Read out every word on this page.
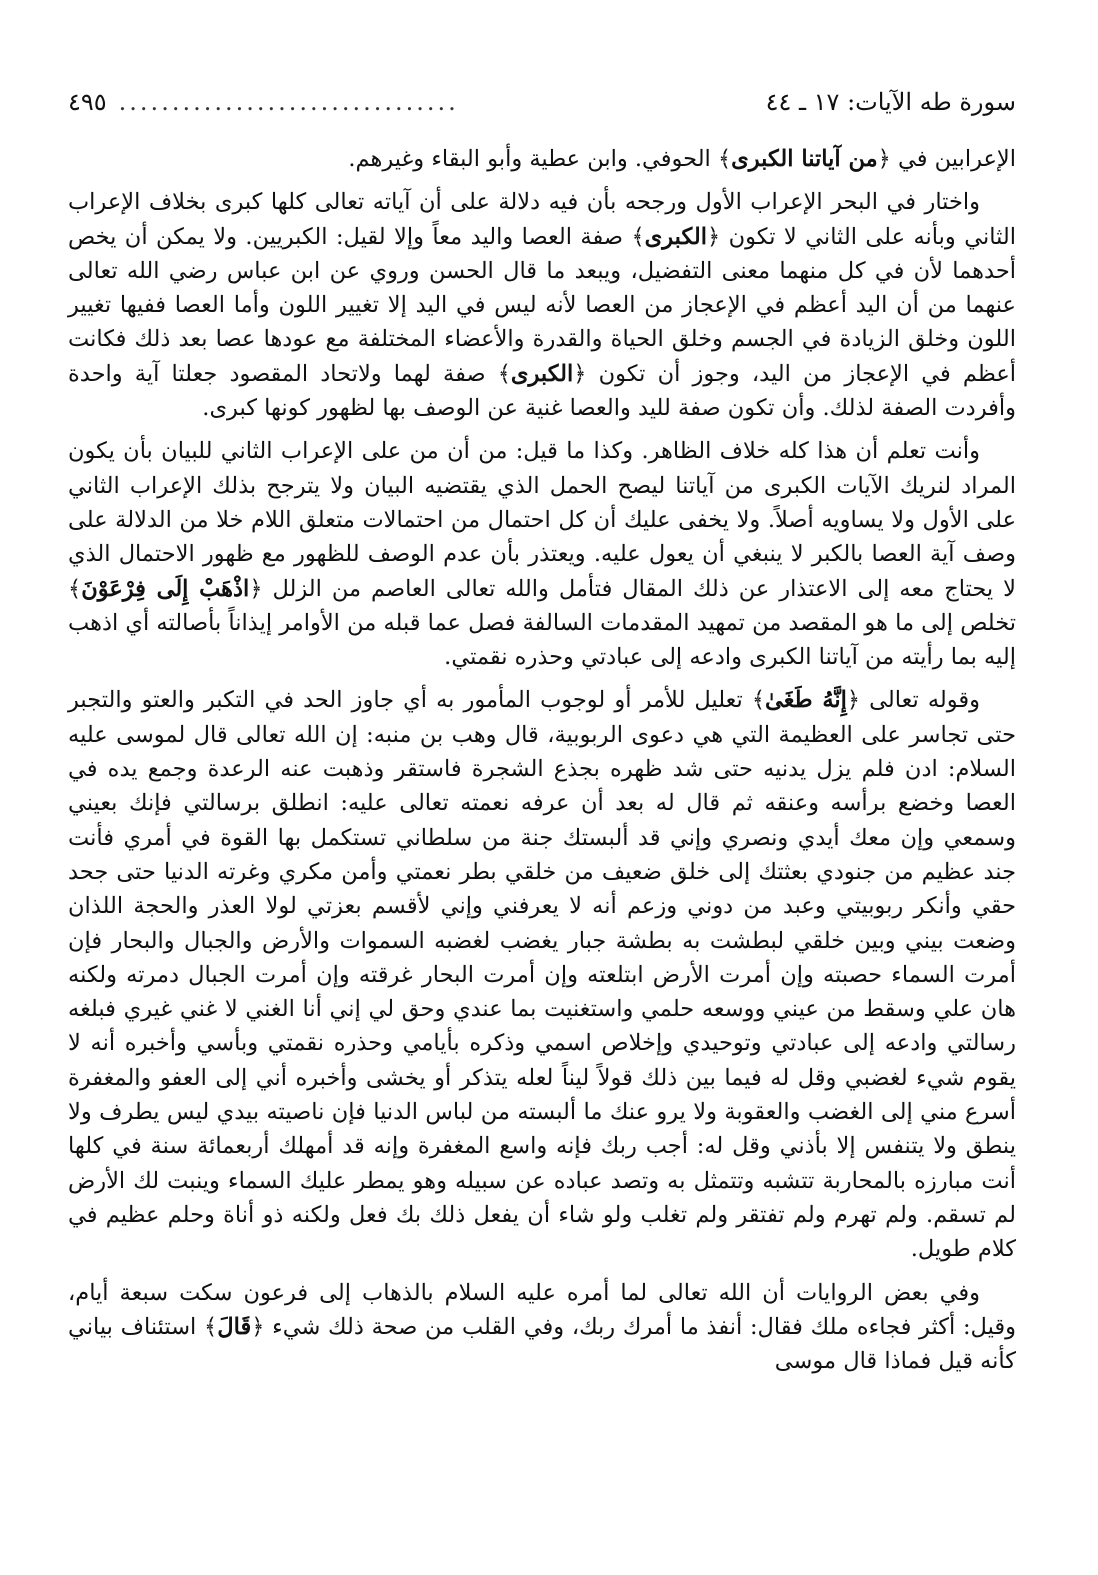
سورة طه الآيات: ١٧ ـ ٤٤
................................
٤٩٥

الإعرابين في ﴿من آياتنا الكبرى﴾ الحوفي. وابن عطية وأبو البقاء وغيرهم.

واختار في البحر الإعراب الأول ورجحه بأن فيه دلالة على أن آياته تعالى كلها كبرى بخلاف الإعراب الثاني وبأنه على الثاني لا تكون ﴿الكبرى﴾ صفة العصا واليد معاً وإلا لقيل: الكبريين. ولا يمكن أن يخص أحدهما لأن في كل منهما معنى التفضيل، ويبعد ما قال الحسن وروي عن ابن عباس رضي الله تعالى عنهما من أن اليد أعظم في الإعجاز من العصا لأنه ليس في اليد إلا تغيير اللون وأما العصا ففيها تغيير اللون وخلق الزيادة في الجسم وخلق الحياة والقدرة والأعضاء المختلفة مع عودها عصا بعد ذلك فكانت أعظم في الإعجاز من اليد، وجوز أن تكون ﴿الكبرى﴾ صفة لهما ولاتحاد المقصود جعلتا آية واحدة وأفردت الصفة لذلك. وأن تكون صفة لليد والعصا غنية عن الوصف بها لظهور كونها كبرى.

وأنت تعلم أن هذا كله خلاف الظاهر. وكذا ما قيل: من أن من على الإعراب الثاني للبيان بأن يكون المراد لنريك الآيات الكبرى من آياتنا ليصح الحمل الذي يقتضيه البيان ولا يترجح بذلك الإعراب الثاني على الأول ولا يساويه أصلاً. ولا يخفى عليك أن كل احتمال من احتمالات متعلق اللام خلا من الدلالة على وصف آية العصا بالكبر لا ينبغي أن يعول عليه. ويعتذر بأن عدم الوصف للظهور مع ظهور الاحتمال الذي لا يحتاج معه إلى الاعتذار عن ذلك المقال فتأمل والله تعالى العاصم من الزلل ﴿اذْهَبْ إِلَى فِرْعَوْنَ﴾ تخلص إلى ما هو المقصد من تمهيد المقدمات السالفة فصل عما قبله من الأوامر إيذاناً بأصالته أي اذهب إليه بما رأيته من آياتنا الكبرى وادعه إلى عبادتي وحذره نقمتي.

وقوله تعالى ﴿إِنَّهُ طَغَىٰ﴾ تعليل للأمر أو لوجوب المأمور به أي جاوز الحد في التكبر والعتو والتجبر حتى تجاسر على العظيمة التي هي دعوى الربوبية، قال وهب بن منبه: إن الله تعالى قال لموسى عليه السلام: ادن فلم يزل يدنيه حتى شد ظهره بجذع الشجرة فاستقر وذهبت عنه الرعدة وجمع يده في العصا وخضع برأسه وعنقه ثم قال له بعد أن عرفه نعمته تعالى عليه: انطلق برسالتي فإنك بعيني وسمعي وإن معك أيدي ونصري وإني قد ألبستك جنة من سلطاني تستكمل بها القوة في أمري فأنت جند عظيم من جنودي بعثتك إلى خلق ضعيف من خلقي بطر نعمتي وأمن مكري وغرته الدنيا حتى جحد حقي وأنكر ربوبيتي وعبد من دوني وزعم أنه لا يعرفني وإني لأقسم بعزتي لولا العذر والحجة اللذان وضعت بيني وبين خلقي لبطشت به بطشة جبار يغضب لغضبه السموات والأرض والجبال والبحار فإن أمرت السماء حصبته وإن أمرت الأرض ابتلعته وإن أمرت البحار غرقته وإن أمرت الجبال دمرته ولكنه هان علي وسقط من عيني ووسعه حلمي واستغنيت بما عندي وحق لي إني أنا الغني لا غني غيري فبلغه رسالتي وادعه إلى عبادتي وتوحيدي وإخلاص اسمي وذكره بأيامي وحذره نقمتي وبأسي وأخبره أنه لا يقوم شيء لغضبي وقل له فيما بين ذلك قولاً ليناً لعله يتذكر أو يخشى وأخبره أني إلى العفو والمغفرة أسرع مني إلى الغضب والعقوبة ولا يرو عنك ما ألبسته من لباس الدنيا فإن ناصيته بيدي ليس يطرف ولا ينطق ولا يتنفس إلا بأذني وقل له: أجب ربك فإنه واسع المغفرة وإنه قد أمهلك أربعمائة سنة في كلها أنت مبارزه بالمحاربة تتشبه وتتمثل به وتصد عباده عن سبيله وهو يمطر عليك السماء وينبت لك الأرض لم تسقم. ولم تهرم ولم تفتقر ولم تغلب ولو شاء أن يفعل ذلك بك فعل ولكنه ذو أناة وحلم عظيم في كلام طويل.

وفي بعض الروايات أن الله تعالى لما أمره عليه السلام بالذهاب إلى فرعون سكت سبعة أيام، وقيل: أكثر فجاءه ملك فقال: أنفذ ما أمرك ربك، وفي القلب من صحة ذلك شيء ﴿قَالَ﴾ استئناف بياني كأنه قيل فماذا قال موسى
